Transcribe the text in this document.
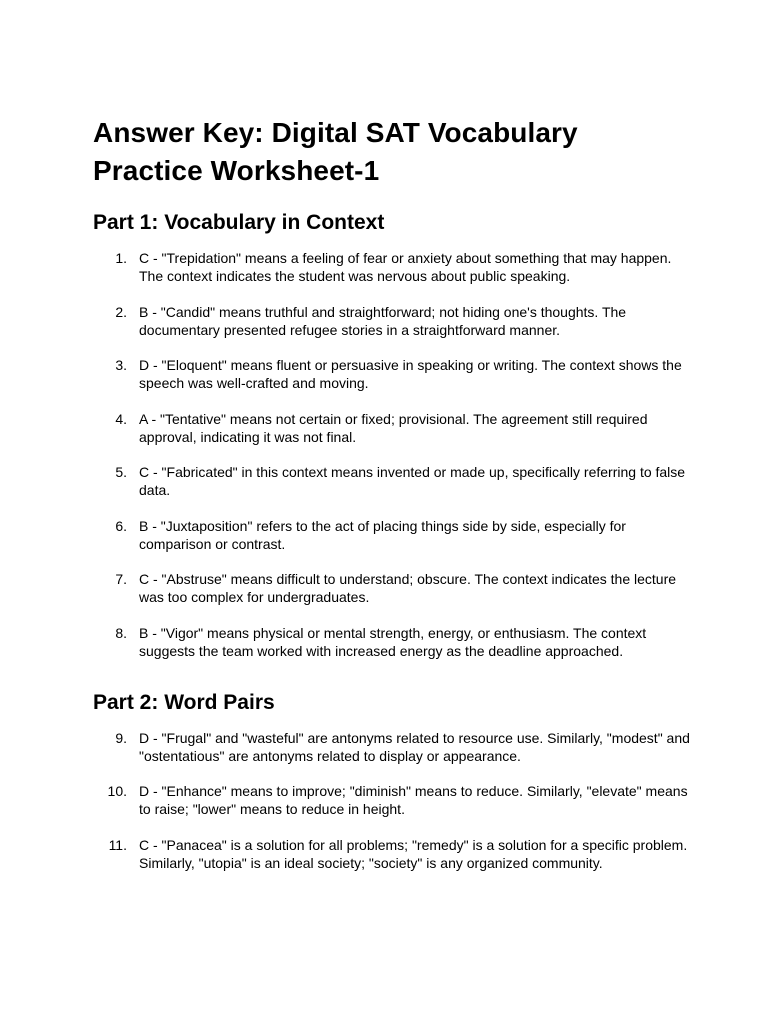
Answer Key: Digital SAT Vocabulary Practice Worksheet-1
Part 1: Vocabulary in Context
1. C - "Trepidation" means a feeling of fear or anxiety about something that may happen. The context indicates the student was nervous about public speaking.
2. B - "Candid" means truthful and straightforward; not hiding one's thoughts. The documentary presented refugee stories in a straightforward manner.
3. D - "Eloquent" means fluent or persuasive in speaking or writing. The context shows the speech was well-crafted and moving.
4. A - "Tentative" means not certain or fixed; provisional. The agreement still required approval, indicating it was not final.
5. C - "Fabricated" in this context means invented or made up, specifically referring to false data.
6. B - "Juxtaposition" refers to the act of placing things side by side, especially for comparison or contrast.
7. C - "Abstruse" means difficult to understand; obscure. The context indicates the lecture was too complex for undergraduates.
8. B - "Vigor" means physical or mental strength, energy, or enthusiasm. The context suggests the team worked with increased energy as the deadline approached.
Part 2: Word Pairs
9. D - "Frugal" and "wasteful" are antonyms related to resource use. Similarly, "modest" and "ostentatious" are antonyms related to display or appearance.
10. D - "Enhance" means to improve; "diminish" means to reduce. Similarly, "elevate" means to raise; "lower" means to reduce in height.
11. C - "Panacea" is a solution for all problems; "remedy" is a solution for a specific problem. Similarly, "utopia" is an ideal society; "society" is any organized community.
